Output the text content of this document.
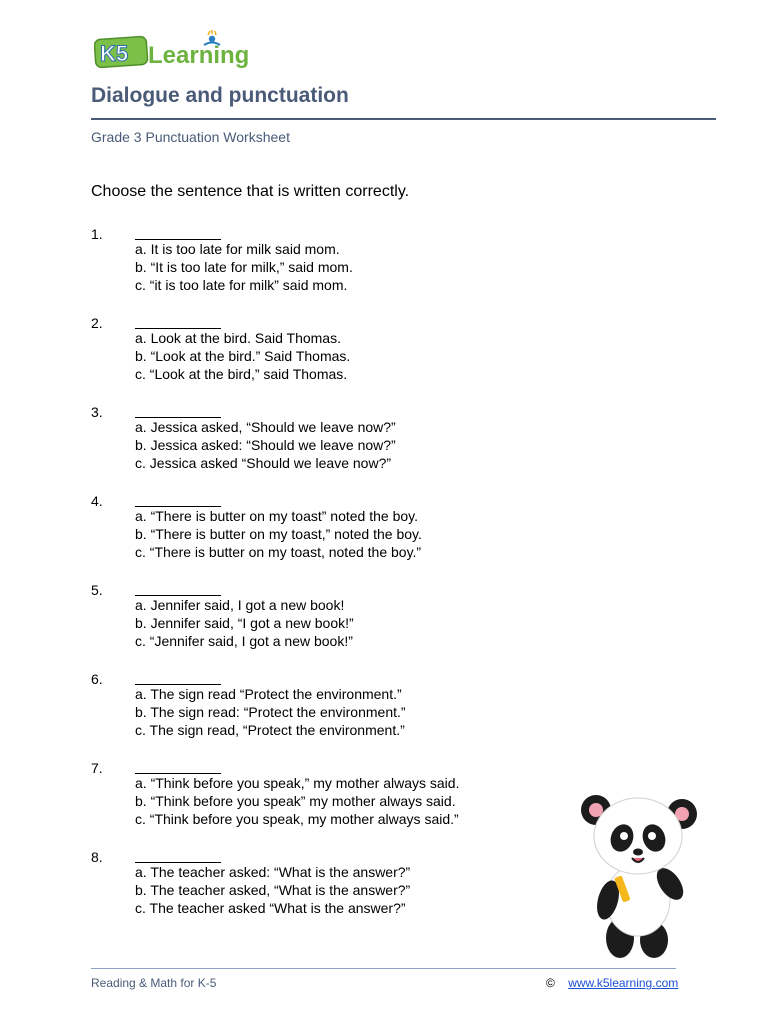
K5 Learning
Dialogue and punctuation
Grade 3 Punctuation Worksheet
Choose the sentence that is written correctly.
1.
a. It is too late for milk said mom.
b. “It is too late for milk,” said mom.
c. “it is too late for milk” said mom.
2.
a. Look at the bird. Said Thomas.
b. “Look at the bird.” Said Thomas.
c. “Look at the bird,” said Thomas.
3.
a. Jessica asked, “Should we leave now?”
b. Jessica asked: “Should we leave now?”
c. Jessica asked “Should we leave now?”
4.
a. “There is butter on my toast” noted the boy.
b. “There is butter on my toast,” noted the boy.
c. “There is butter on my toast, noted the boy.”
5.
a. Jennifer said, I got a new book!
b. Jennifer said, “I got a new book!”
c. “Jennifer said, I got a new book!”
6.
a. The sign read “Protect the environment.”
b. The sign read: “Protect the environment.”
c. The sign read, “Protect the environment.”
7.
a. “Think before you speak,” my mother always said.
b. “Think before you speak” my mother always said.
c. “Think before you speak, my mother always said.”
8.
a. The teacher asked: “What is the answer?”
b. The teacher asked, “What is the answer?”
c. The teacher asked “What is the answer?”
Reading & Math for K-5	© www.k5learning.com
